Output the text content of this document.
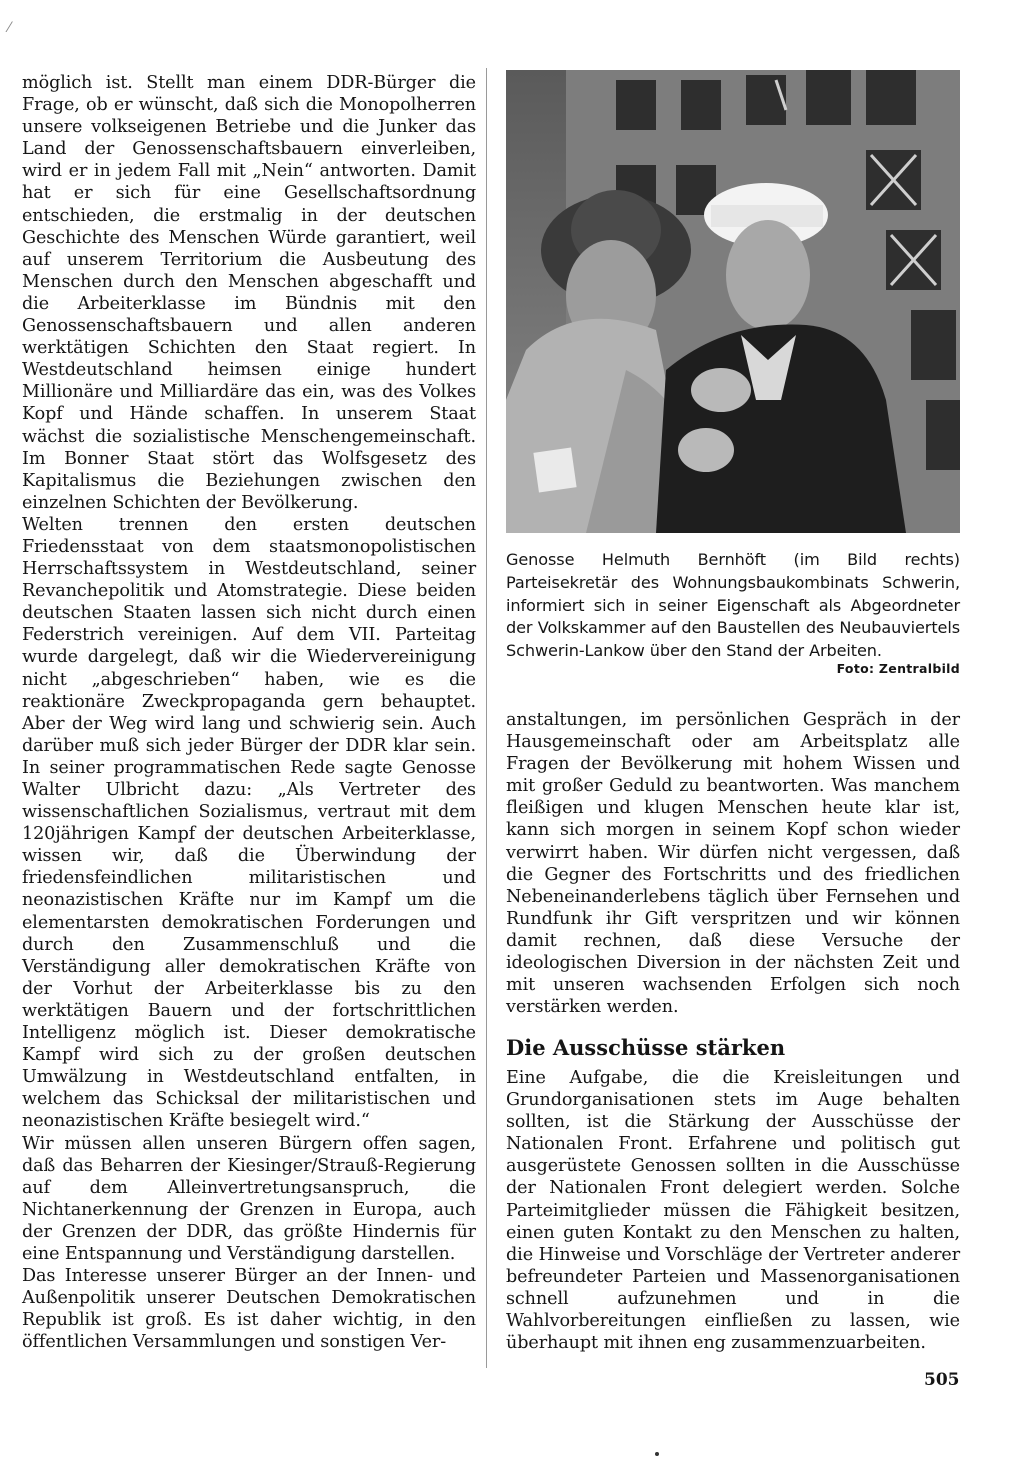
⁄

möglich ist. Stellt man einem DDR-Bürger die Frage, ob er wünscht, daß sich die Monopolherren unsere volkseigenen Betriebe und die Junker das Land der Genossenschaftsbauern einverleiben, wird er in jedem Fall mit „Nein“ antworten. Damit hat er sich für eine Gesellschaftsordnung entschieden, die erstmalig in der deutschen Geschichte des Menschen Würde garantiert, weil auf unserem Territorium die Ausbeutung des Menschen durch den Menschen abgeschafft und die Arbeiterklasse im Bündnis mit den Genossenschaftsbauern und allen anderen werktätigen Schichten den Staat regiert. In Westdeutschland heimsen einige hundert Millionäre und Milliardäre das ein, was des Volkes Kopf und Hände schaffen. In unserem Staat wächst die sozialistische Menschengemeinschaft. Im Bonner Staat stört das Wolfsgesetz des Kapitalismus die Beziehungen zwischen den einzelnen Schichten der Bevölkerung.

Welten trennen den ersten deutschen Friedensstaat von dem staatsmonopolistischen Herrschaftssystem in Westdeutschland, seiner Revanchepolitik und Atomstrategie. Diese beiden deutschen Staaten lassen sich nicht durch einen Federstrich vereinigen. Auf dem VII. Parteitag wurde dargelegt, daß wir die Wiedervereinigung nicht „abgeschrieben“ haben, wie es die reaktionäre Zweckpropaganda gern behauptet. Aber der Weg wird lang und schwierig sein. Auch darüber muß sich jeder Bürger der DDR klar sein. In seiner programmatischen Rede sagte Genosse Walter Ulbricht dazu: „Als Vertreter des wissenschaftlichen Sozialismus, vertraut mit dem 120jährigen Kampf der deutschen Arbeiterklasse, wissen wir, daß die Überwindung der friedensfeindlichen militaristischen und neonazistischen Kräfte nur im Kampf um die elementarsten demokratischen Forderungen und durch den Zusammenschluß und die Verständigung aller demokratischen Kräfte von der Vorhut der Arbeiterklasse bis zu den werktätigen Bauern und der fortschrittlichen Intelligenz möglich ist. Dieser demokratische Kampf wird sich zu der großen deutschen Umwälzung in Westdeutschland entfalten, in welchem das Schicksal der militaristischen und neonazistischen Kräfte besiegelt wird.“

Wir müssen allen unseren Bürgern offen sagen, daß das Beharren der Kiesinger/Strauß-Regierung auf dem Alleinvertretungsanspruch, die Nichtanerkennung der Grenzen in Europa, auch der Grenzen der DDR, das größte Hindernis für eine Entspannung und Verständigung darstellen.

Das Interesse unserer Bürger an der Innen- und Außenpolitik unserer Deutschen Demokratischen Republik ist groß. Es ist daher wichtig, in den öffentlichen Versammlungen und sonstigen Ver-

Genosse Helmuth Bernhöft (im Bild rechts) Parteisekretär des Wohnungsbaukombinats Schwerin, informiert sich in seiner Eigenschaft als Abgeordneter der Volkskammer auf den Baustellen des Neubauviertels Schwerin-Lankow über den Stand der Arbeiten.
Foto: Zentralbild

anstaltungen, im persönlichen Gespräch in der Hausgemeinschaft oder am Arbeitsplatz alle Fragen der Bevölkerung mit hohem Wissen und mit großer Geduld zu beantworten. Was manchem fleißigen und klugen Menschen heute klar ist, kann sich morgen in seinem Kopf schon wieder verwirrt haben. Wir dürfen nicht vergessen, daß die Gegner des Fortschritts und des friedlichen Nebeneinanderlebens täglich über Fernsehen und Rundfunk ihr Gift verspritzen und wir können damit rechnen, daß diese Versuche der ideologischen Diversion in der nächsten Zeit und mit unseren wachsenden Erfolgen sich noch verstärken werden.

Die Ausschüsse stärken

Eine Aufgabe, die die Kreisleitungen und Grundorganisationen stets im Auge behalten sollten, ist die Stärkung der Ausschüsse der Nationalen Front. Erfahrene und politisch gut ausgerüstete Genossen sollten in die Ausschüsse der Nationalen Front delegiert werden. Solche Parteimitglieder müssen die Fähigkeit besitzen, einen guten Kontakt zu den Menschen zu halten, die Hinweise und Vorschläge der Vertreter anderer befreundeter Parteien und Massenorganisationen schnell aufzunehmen und in die Wahlvorbereitungen einfließen zu lassen, wie überhaupt mit ihnen eng zusammenzuarbeiten.

505
